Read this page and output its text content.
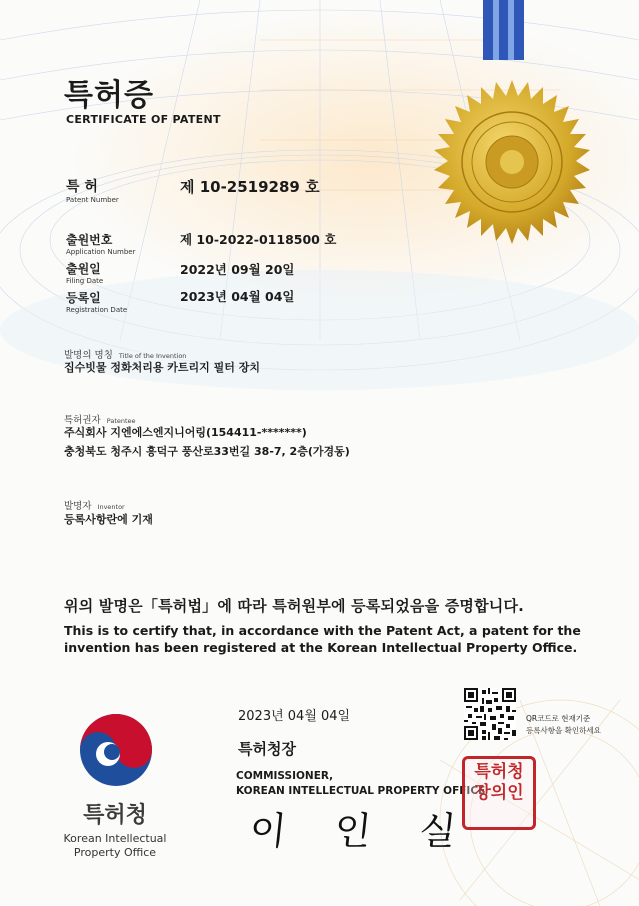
특허증
CERTIFICATE OF PATENT
특 허
Patent Number
제 10-2519289 호
출원번호
Application Number
제 10-2022-0118500 호
출원일
Filing Date
2022년 09월 20일
등록일
Registration Date
2023년 04월 04일
발명의 명칭 Title of the Invention
집수빗물 정화처리용 카트리지 필터 장치
특허권자 Patentee
주식회사 지엔에스엔지니어링(154411-*******)
충청북도 청주시 흥덕구 풍산로33번길 38-7, 2층(가경동)
발명자 Inventor
등록사항란에 기재
위의 발명은「특허법」에 따라 특허원부에 등록되었음을 증명합니다.
This is to certify that, in accordance with the Patent Act, a patent for the invention has been registered at the Korean Intellectual Property Office.
특허청
Korean Intellectual
Property Office
2023년 04월 04일
특허청장
COMMISSIONER,
KOREAN INTELLECTUAL PROPERTY OFFICE
이 인 실
QR코드로 현재기준
등록사항을 확인하세요
특허청장의인
